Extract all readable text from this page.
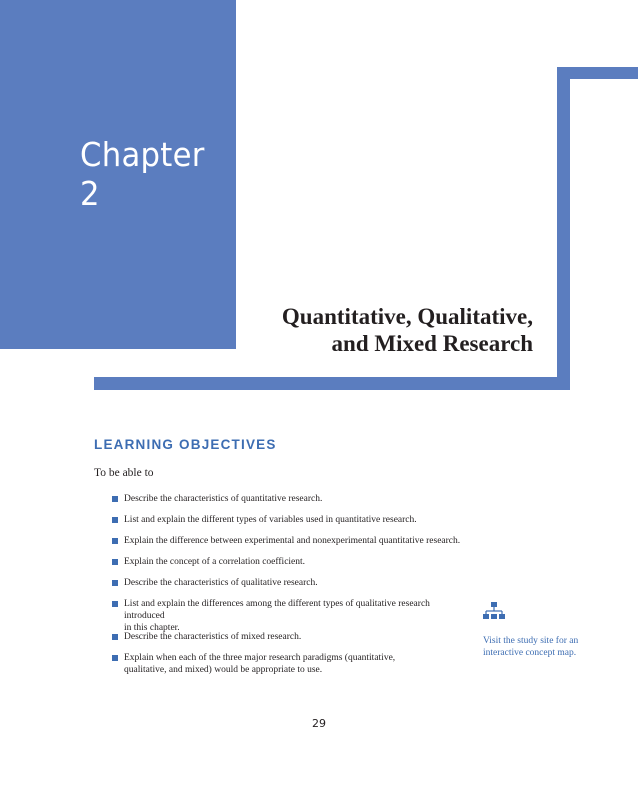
Chapter 2
Quantitative, Qualitative,
and Mixed Research
LEARNING OBJECTIVES

To be able to

Describe the characteristics of quantitative research.
List and explain the different types of variables used in quantitative research.
Explain the difference between experimental and nonexperimental quantitative research.
Explain the concept of a correlation coefficient.
Describe the characteristics of qualitative research.
List and explain the differences among the different types of qualitative research introduced
in this chapter.
Describe the characteristics of mixed research.
Explain when each of the three major research paradigms (quantitative,
qualitative, and mixed) would be appropriate to use.

Visit the study site for an
interactive concept map.

29
